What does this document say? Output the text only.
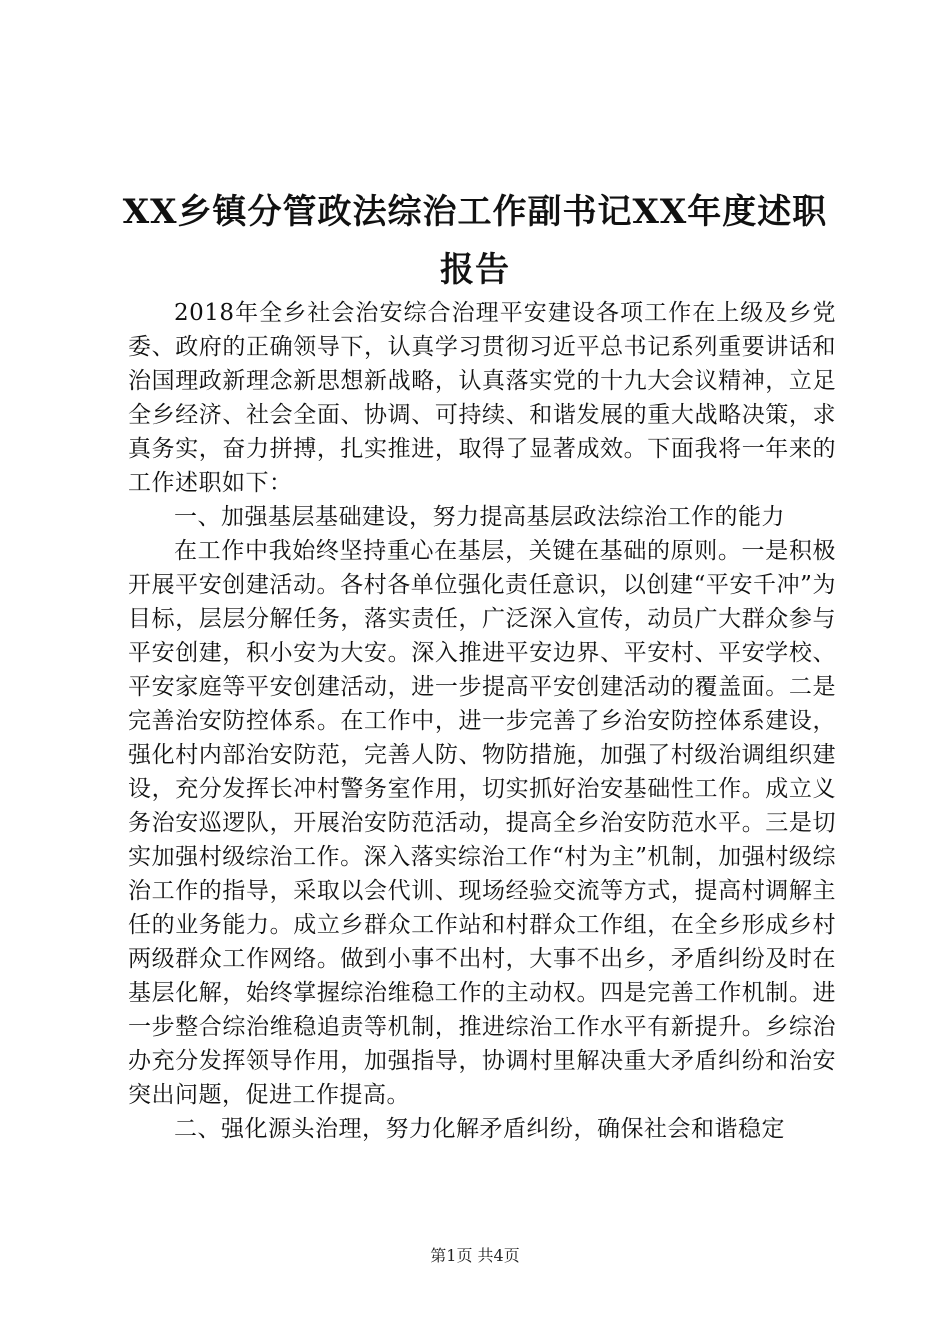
XX乡镇分管政法综治工作副书记XX年度述职报告

2018年全乡社会治安综合治理平安建设各项工作在上级及乡党委、政府的正确领导下，认真学习贯彻习近平总书记系列重要讲话和治国理政新理念新思想新战略，认真落实党的十九大会议精神，立足全乡经济、社会全面、协调、可持续、和谐发展的重大战略决策，求真务实，奋力拼搏，扎实推进，取得了显著成效。下面我将一年来的工作述职如下：

一、加强基层基础建设，努力提高基层政法综治工作的能力

在工作中我始终坚持重心在基层，关键在基础的原则。一是积极开展平安创建活动。各村各单位强化责任意识，以创建“平安千冲”为目标，层层分解任务，落实责任，广泛深入宣传，动员广大群众参与平安创建，积小安为大安。深入推进平安边界、平安村、平安学校、平安家庭等平安创建活动，进一步提高平安创建活动的覆盖面。二是完善治安防控体系。在工作中，进一步完善了乡治安防控体系建设，强化村内部治安防范，完善人防、物防措施，加强了村级治调组织建设，充分发挥长冲村警务室作用，切实抓好治安基础性工作。成立义务治安巡逻队，开展治安防范活动，提高全乡治安防范水平。三是切实加强村级综治工作。深入落实综治工作“村为主”机制，加强村级综治工作的指导，采取以会代训、现场经验交流等方式，提高村调解主任的业务能力。成立乡群众工作站和村群众工作组，在全乡形成乡村两级群众工作网络。做到小事不出村，大事不出乡，矛盾纠纷及时在基层化解，始终掌握综治维稳工作的主动权。四是完善工作机制。进一步整合综治维稳追责等机制，推进综治工作水平有新提升。乡综治办充分发挥领导作用，加强指导，协调村里解决重大矛盾纠纷和治安突出问题，促进工作提高。

二、强化源头治理，努力化解矛盾纠纷，确保社会和谐稳定

第1页 共4页
